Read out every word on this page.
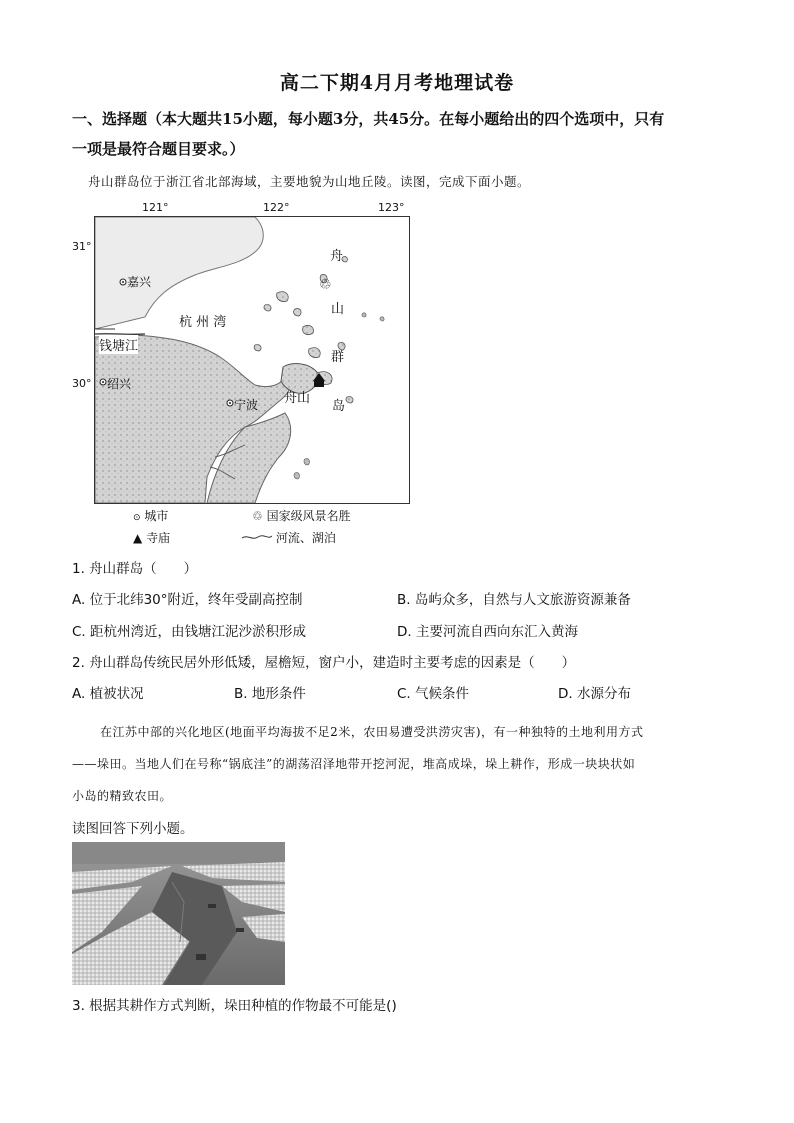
高二下期4月月考地理试卷
一、选择题（本大题共15小题，每小题3分，共45分。在每小题给出的四个选项中，只有
一项是最符合题目要求。）
舟山群岛位于浙江省北部海域，主要地貌为山地丘陵。读图，完成下面小题。
121°	122°	123°
31°
30°
♲
嘉兴
杭 州 湾
钱塘江
绍兴
宁波
舟
山
群
岛
舟山
⊙ 城市	♲ 国家级风景名胜
▲ 寺庙	河流、湖泊
1. 舟山群岛（　　）
A. 位于北纬30°附近，终年受副高控制	B. 岛屿众多，自然与人文旅游资源兼备
C. 距杭州湾近，由钱塘江泥沙淤积形成	D. 主要河流自西向东汇入黄海
2. 舟山群岛传统民居外形低矮，屋檐短，窗户小，建造时主要考虑的因素是（　　）
A. 植被状况	B. 地形条件	C. 气候条件	D. 水源分布
在江苏中部的兴化地区(地面平均海拔不足2米，农田易遭受洪涝灾害)，有一种独特的土地利用方式
——垛田。当地人们在号称“锅底洼”的湖荡沼泽地带开挖河泥，堆高成垛，垛上耕作，形成一块块状如
小岛的精致农田。
读图回答下列小题。
3. 根据其耕作方式判断，垛田种植的作物最不可能是()
